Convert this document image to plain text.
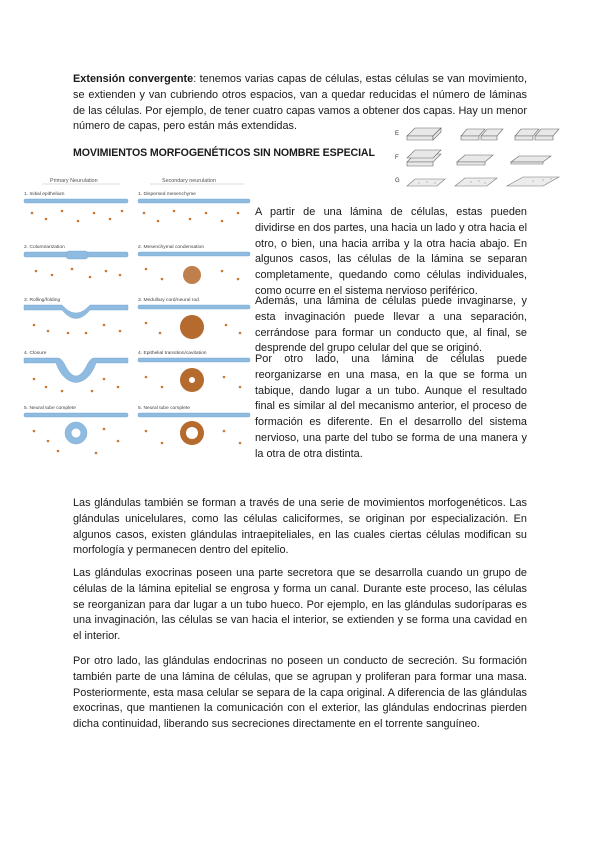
Extensión convergente: tenemos varias capas de células, estas células se van movimiento, se extienden y van cubriendo otros espacios, van a quedar reducidas el número de láminas de las células. Por ejemplo, de tener cuatro capas vamos a obtener dos capas. Hay un menor número de capas, pero están más extendidas.

MOVIMIENTOS MORFOGENÉTICOS SIN NOMBRE ESPECIAL

E
F
G
Primary Neurulation	Secondary neurulation
1. Initial epithelium
2. Columnarization
3. Rolling/folding
4. Closure
5. Neural tube complete
1. Dispersed mesenchyme
2. Mesenchymal condensation
3. Medullary cord/neural rod
4. Epithelial transition/cavitation
5. Neural tube complete

A partir de una lámina de células, estas pueden dividirse en dos partes, una hacia un lado y otra hacia el otro, o bien, una hacia arriba y la otra hacia abajo. En algunos casos, las células de la lámina se separan completamente, quedando como células individuales, como ocurre en el sistema nervioso periférico.

Además, una lámina de células puede invaginarse, y esta invaginación puede llevar a una separación, cerrándose para formar un conducto que, al final, se desprende del grupo celular del que se originó.

Por otro lado, una lámina de células puede reorganizarse en una masa, en la que se forma un tabique, dando lugar a un tubo. Aunque el resultado final es similar al del mecanismo anterior, el proceso de formación es diferente. En el desarrollo del sistema nervioso, una parte del tubo se forma de una manera y la otra de otra distinta.

Las glándulas también se forman a través de una serie de movimientos morfogenéticos. Las glándulas unicelulares, como las células caliciformes, se originan por especialización. En algunos casos, existen glándulas intraepiteliales, en las cuales ciertas células modifican su morfología y permanecen dentro del epitelio.

Las glándulas exocrinas poseen una parte secretora que se desarrolla cuando un grupo de células de la lámina epitelial se engrosa y forma un canal. Durante este proceso, las células se reorganizan para dar lugar a un tubo hueco. Por ejemplo, en las glándulas sudoríparas es una invaginación, las células se van hacia el interior, se extienden y se forma una cavidad en el interior.

Por otro lado, las glándulas endocrinas no poseen un conducto de secreción. Su formación también parte de una lámina de células, que se agrupan y proliferan para formar una masa. Posteriormente, esta masa celular se separa de la capa original. A diferencia de las glándulas exocrinas, que mantienen la comunicación con el exterior, las glándulas endocrinas pierden dicha continuidad, liberando sus secreciones directamente en el torrente sanguíneo.
